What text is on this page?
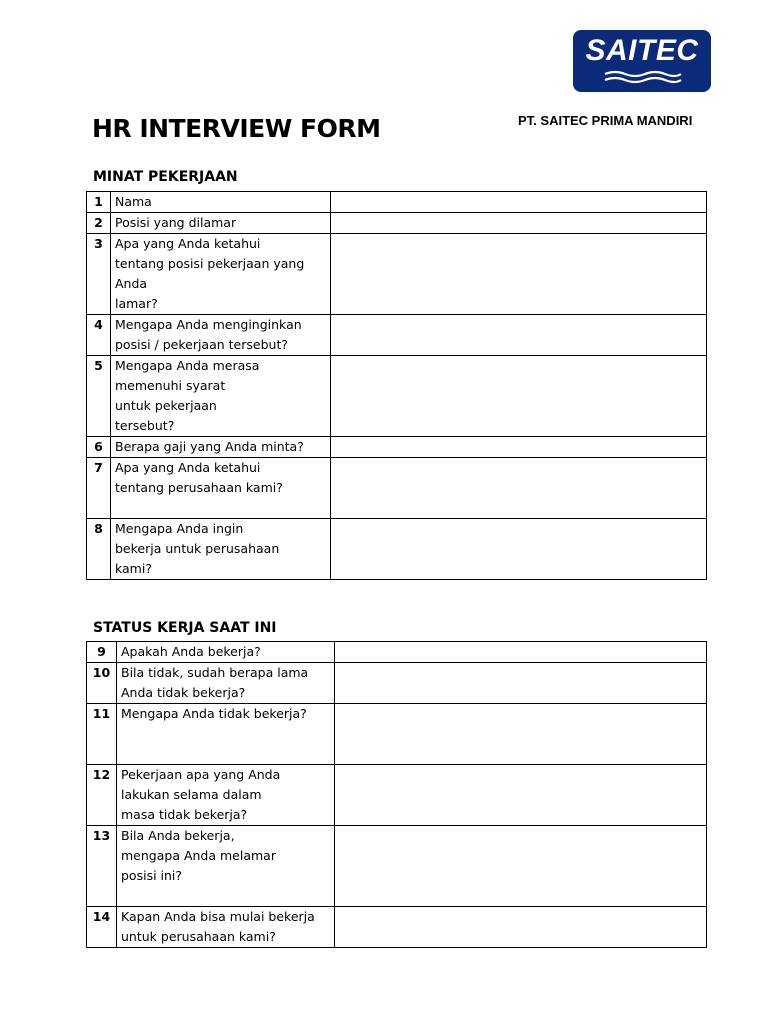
SAITEC
PT. SAITEC PRIMA MANDIRI
HR INTERVIEW FORM
MINAT PEKERJAAN
1	Nama	

2	Posisi yang dilamar	

3	Apa yang Anda ketahui
tentang posisi pekerjaan yang
Anda
lamar?	

4	Mengapa Anda menginginkan
posisi / pekerjaan tersebut?	

5	Mengapa Anda merasa
memenuhi syarat
untuk pekerjaan
tersebut?	

6	Berapa gaji yang Anda minta?	

7	Apa yang Anda ketahui
tentang perusahaan kami?	

8	Mengapa Anda ingin
bekerja untuk perusahaan
kami?	

STATUS KERJA SAAT INI
9	Apakah Anda bekerja?	

10	Bila tidak, sudah berapa lama
Anda tidak bekerja?	

11	Mengapa Anda tidak bekerja?	

12	Pekerjaan apa yang Anda
lakukan selama dalam
masa tidak bekerja?	

13	Bila Anda bekerja,
mengapa Anda melamar
posisi ini?	

14	Kapan Anda bisa mulai bekerja
untuk perusahaan kami?	
